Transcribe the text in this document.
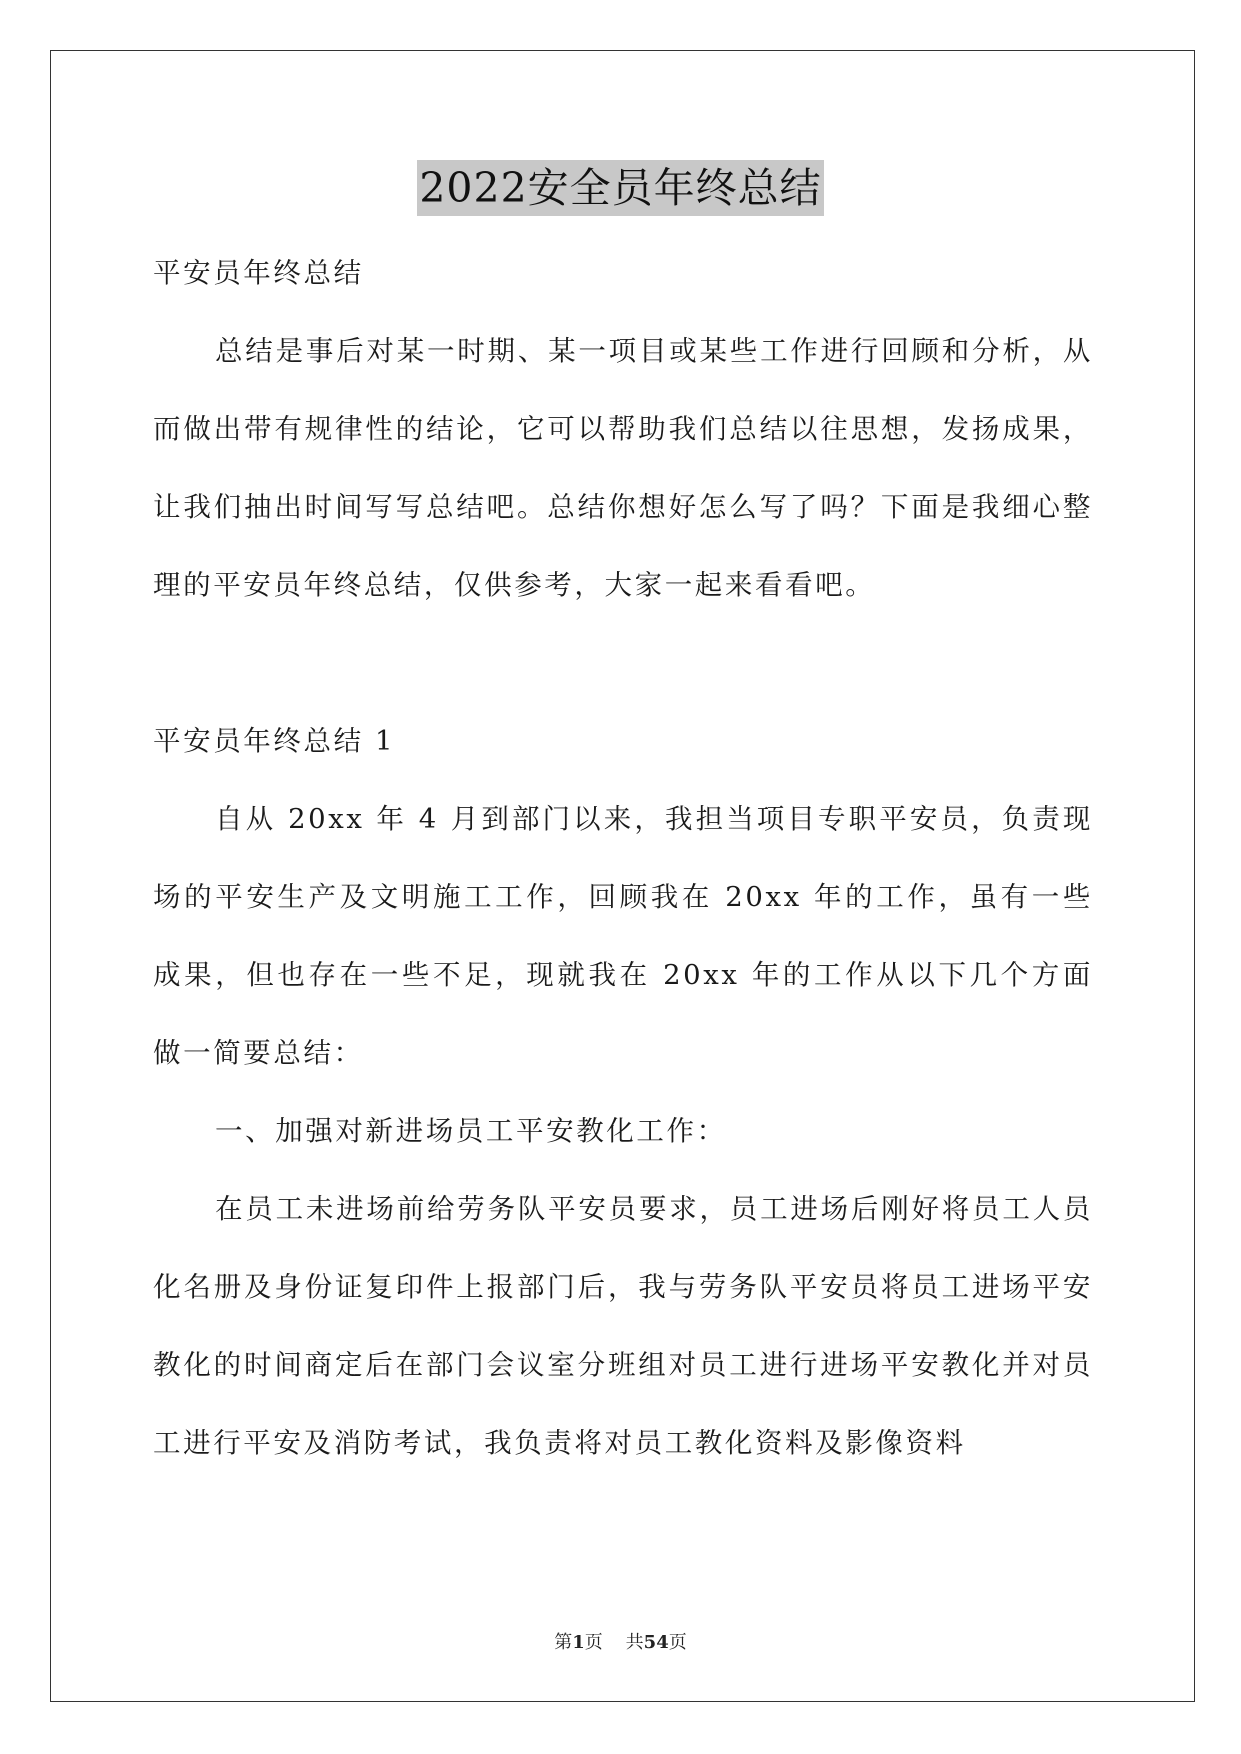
2022安全员年终总结

平安员年终总结

总结是事后对某一时期、某一项目或某些工作进行回顾和分析，从而做出带有规律性的结论，它可以帮助我们总结以往思想，发扬成果，让我们抽出时间写写总结吧。总结你想好怎么写了吗？下面是我细心整理的平安员年终总结，仅供参考，大家一起来看看吧。

平安员年终总结 1

自从 20xx 年 4 月到部门以来，我担当项目专职平安员，负责现场的平安生产及文明施工工作，回顾我在 20xx 年的工作，虽有一些成果，但也存在一些不足，现就我在 20xx 年的工作从以下几个方面做一简要总结：

一、加强对新进场员工平安教化工作：

在员工未进场前给劳务队平安员要求，员工进场后刚好将员工人员化名册及身份证复印件上报部门后，我与劳务队平安员将员工进场平安教化的时间商定后在部门会议室分班组对员工进行进场平安教化并对员工进行平安及消防考试，我负责将对员工教化资料及影像资料

第1页 共54页
